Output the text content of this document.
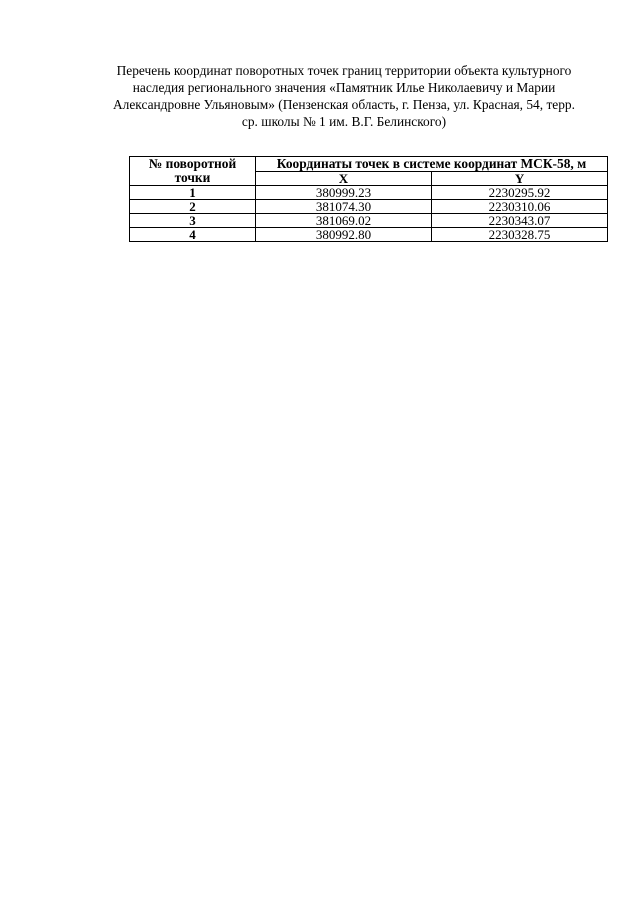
Перечень координат поворотных точек границ территории объекта культурного
наследия регионального значения «Памятник Илье Николаевичу и Марии
Александровне Ульяновым» (Пензенская область, г. Пенза, ул. Красная, 54, терр.
ср. школы № 1 им. В.Г. Белинского)
№ поворотной
точки	Координаты точек в системе координат МСК-58, м	
	X	Y
1	380999.23	2230295.92
2	381074.30	2230310.06
3	381069.02	2230343.07
4	380992.80	2230328.75
